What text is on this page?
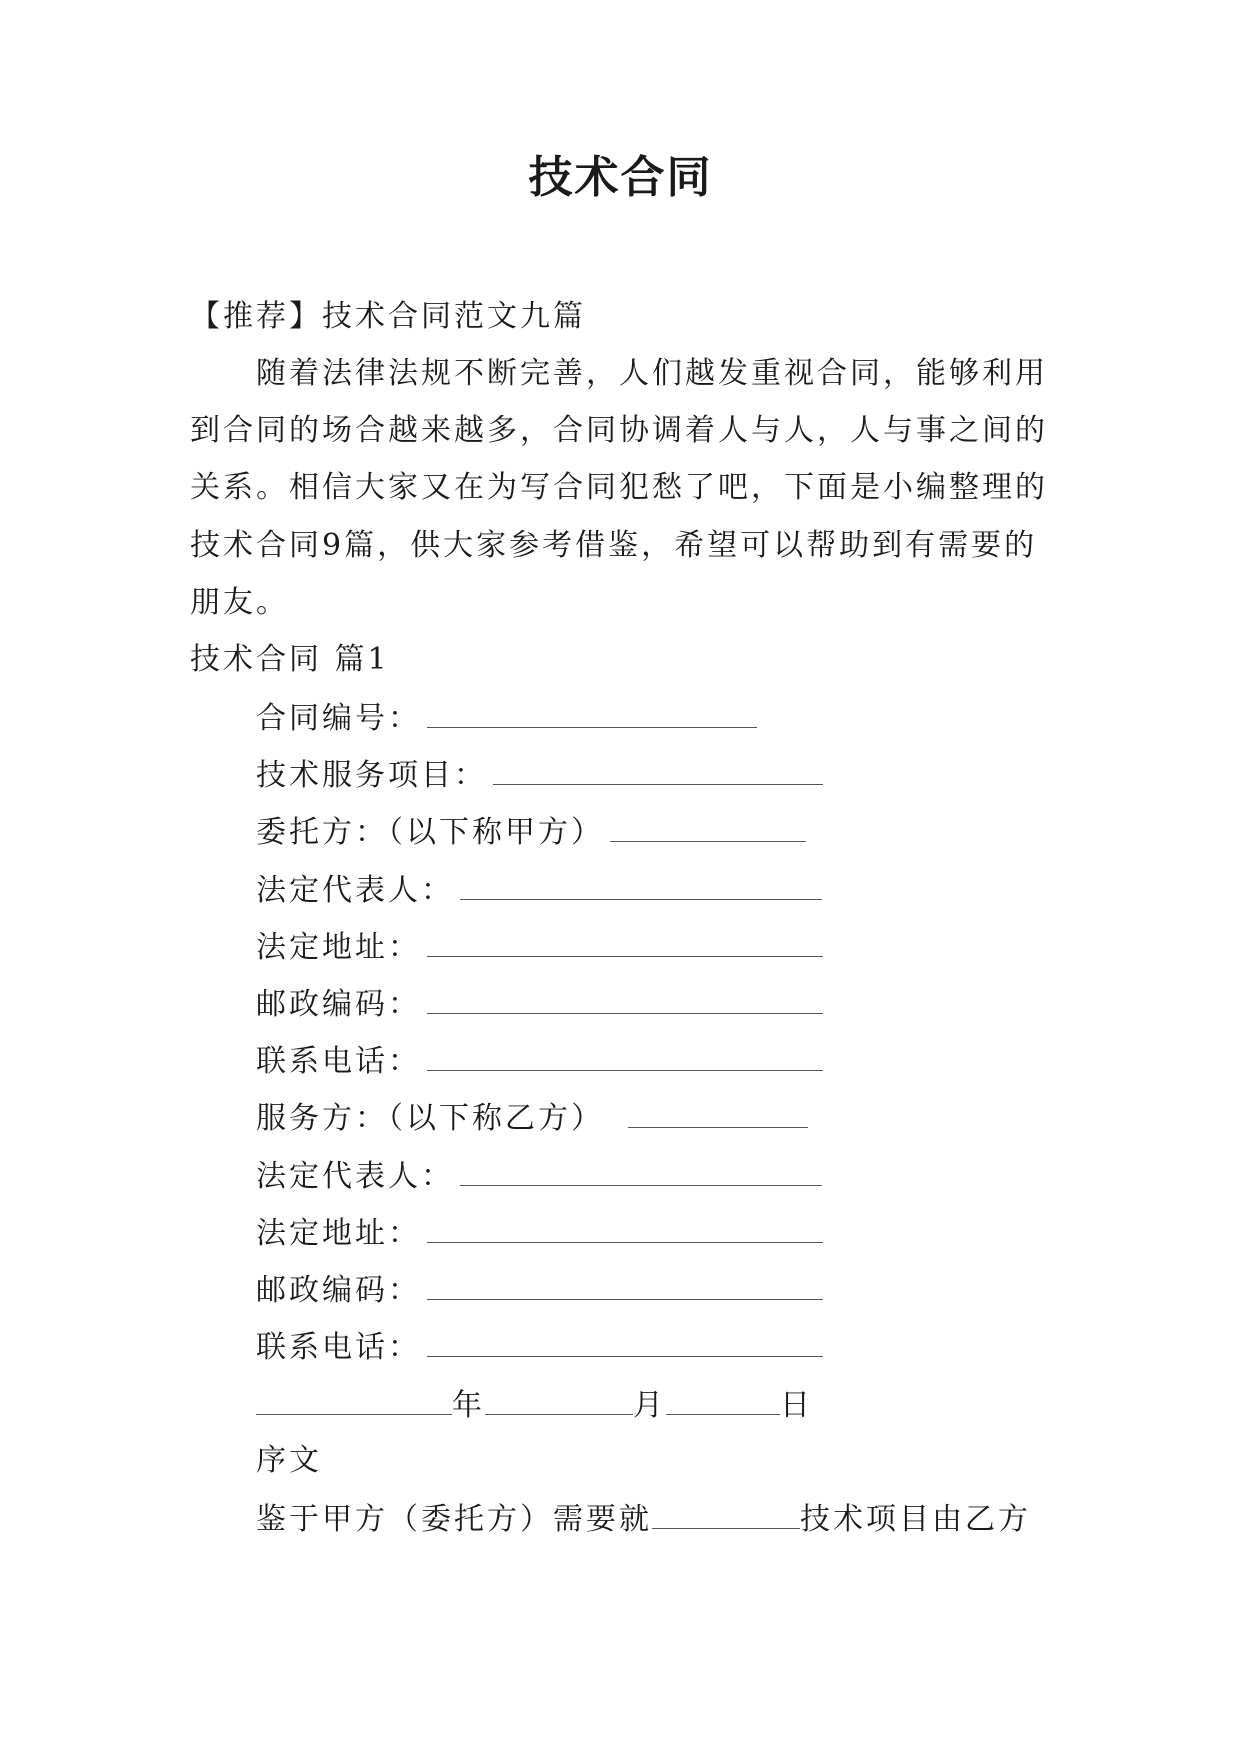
技术合同
【推荐】技术合同范文九篇
随着法律法规不断完善，人们越发重视合同，能够利用
到合同的场合越来越多，合同协调着人与人，人与事之间的
关系。相信大家又在为写合同犯愁了吧，下面是小编整理的
技术合同9篇，供大家参考借鉴，希望可以帮助到有需要的
朋友。
技术合同 篇1
合同编号：
技术服务项目：
委托方：（以下称甲方）
法定代表人：
法定地址：
邮政编码：
联系电话：
服务方：（以下称乙方）
法定代表人：
法定地址：
邮政编码：
联系电话：
年	月	日
序文
鉴于甲方（委托方）需要就	技术项目由乙方
